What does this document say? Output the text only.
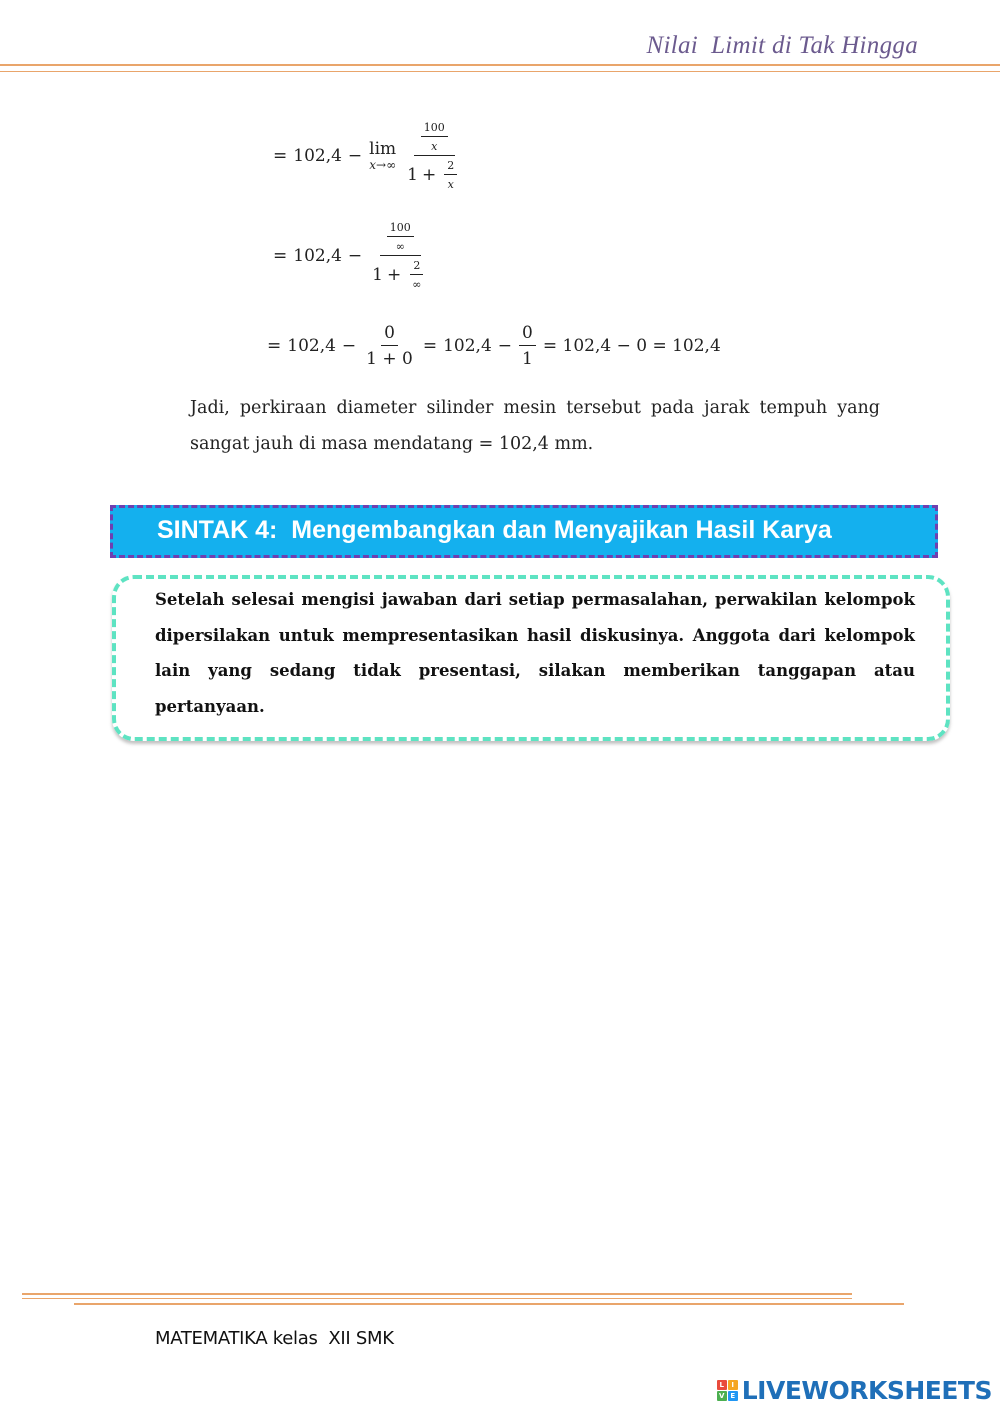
Nilai  Limit di Tak Hingga
= 102,4 − lim
$x\to\infty \frac{\frac{100}{x}}{1 + \frac{2}{x}}$
= $102,4 - \frac{\frac{100}{\infty}}{1 + \frac{2}{\infty}}$
= $102,4 - \frac{0}{1 + 0} = 102,4 - \frac{0}{1} = 102,4 - 0 = 102,4$
Jadi, perkiraan diameter silinder mesin tersebut pada jarak tempuh yang sangat jauh di masa mendatang = 102,4 mm.
SINTAK 4:  Mengembangkan dan Menyajikan Hasil Karya
Setelah selesai mengisi jawaban dari setiap permasalahan, perwakilan kelompok dipersilakan untuk mempresentasikan hasil diskusinya. Anggota dari kelompok lain yang sedang tidak presentasi, silakan memberikan tanggapan atau pertanyaan.
MATEMATIKA kelas  XII SMK
L	I
V E LIVEWORKSHEETS
